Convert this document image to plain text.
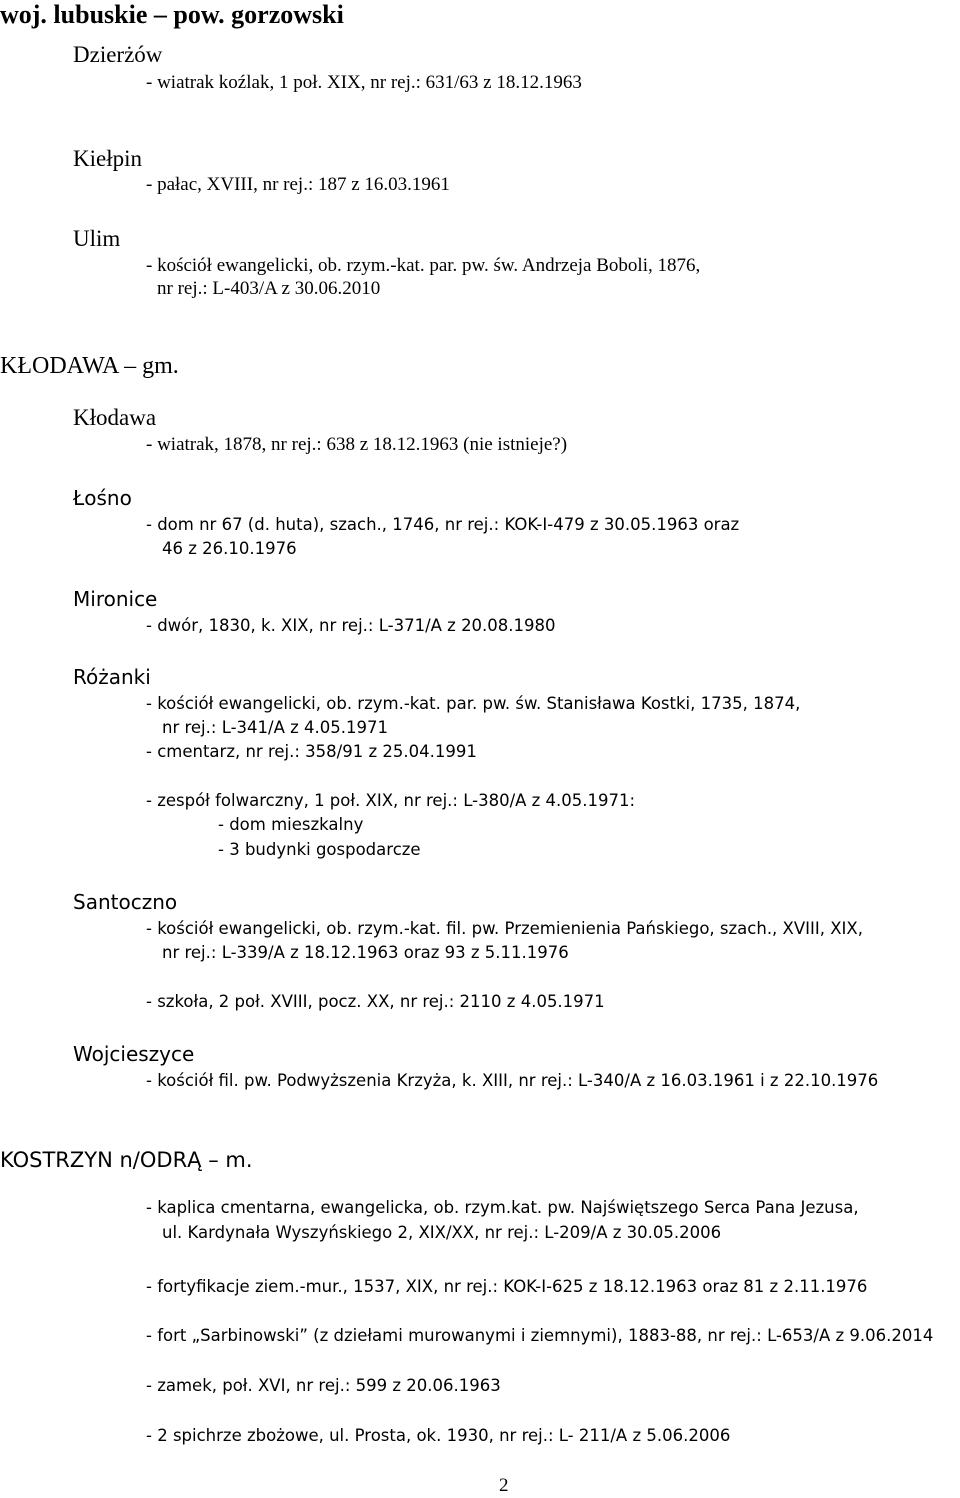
woj. lubuskie – pow. gorzowski
Dzierżów
- wiatrak koźlak, 1 poł. XIX, nr rej.: 631/63 z 18.12.1963
Kiełpin
- pałac, XVIII, nr rej.: 187 z 16.03.1961
Ulim
- kościół ewangelicki, ob. rzym.-kat. par. pw. św. Andrzeja Boboli, 1876,
nr rej.: L-403/A z 30.06.2010
KŁODAWA – gm.
Kłodawa
- wiatrak, 1878, nr rej.: 638 z 18.12.1963 (nie istnieje?)
Łośno
- dom nr 67 (d. huta), szach., 1746, nr rej.: KOK-I-479 z 30.05.1963 oraz
46 z 26.10.1976
Mironice
- dwór, 1830, k. XIX, nr rej.: L-371/A z 20.08.1980
Różanki
- kościół ewangelicki, ob. rzym.-kat. par. pw. św. Stanisława Kostki, 1735, 1874,
nr rej.: L-341/A z 4.05.1971
- cmentarz, nr rej.: 358/91 z 25.04.1991
- zespół folwarczny, 1 poł. XIX, nr rej.: L-380/A z 4.05.1971:
- dom mieszkalny
- 3 budynki gospodarcze
Santoczno
- kościół ewangelicki, ob. rzym.-kat. fil. pw. Przemienienia Pańskiego, szach., XVIII, XIX,
nr rej.: L-339/A z 18.12.1963 oraz 93 z 5.11.1976
- szkoła, 2 poł. XVIII, pocz. XX, nr rej.: 2110 z 4.05.1971
Wojcieszyce
- kościół fil. pw. Podwyższenia Krzyża, k. XIII, nr rej.: L-340/A z 16.03.1961 i z 22.10.1976
KOSTRZYN n/ODRĄ – m.
- kaplica cmentarna, ewangelicka, ob. rzym.kat. pw. Najświętszego Serca Pana Jezusa,
ul. Kardynała Wyszyńskiego 2, XIX/XX, nr rej.: L-209/A z 30.05.2006
- fortyfikacje ziem.-mur., 1537, XIX, nr rej.: KOK-I-625 z 18.12.1963 oraz 81 z 2.11.1976
- fort „Sarbinowski” (z dziełami murowanymi i ziemnymi), 1883-88, nr rej.: L-653/A z 9.06.2014
- zamek, poł. XVI, nr rej.: 599 z 20.06.1963
- 2 spichrze zbożowe, ul. Prosta, ok. 1930, nr rej.: L- 211/A z 5.06.2006
2
